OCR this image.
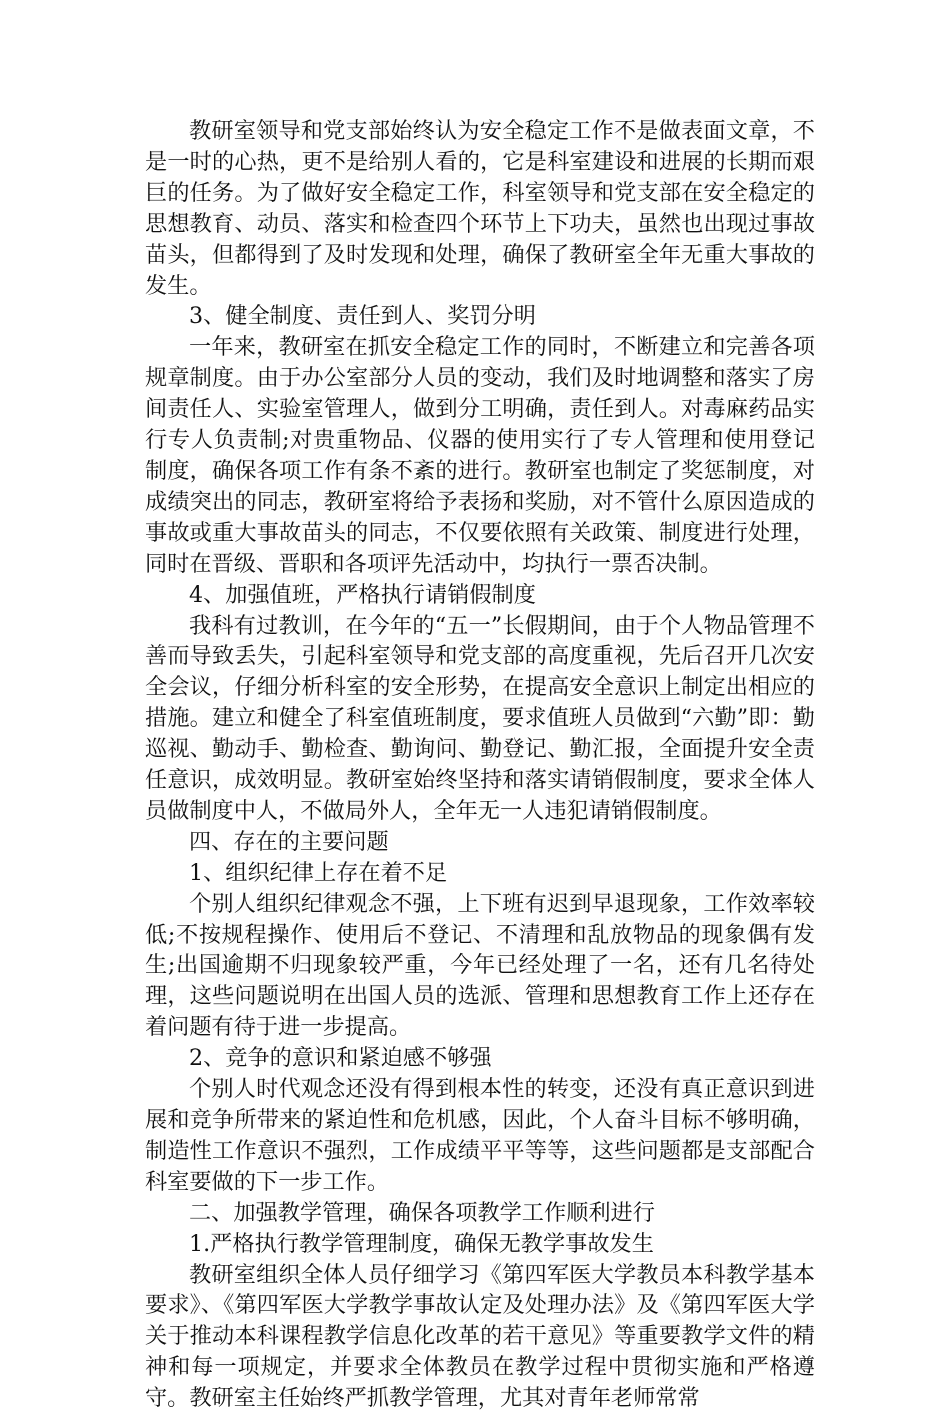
教研室领导和党支部始终认为安全稳定工作不是做表面文章，不是一时的心热，更不是给别人看的，它是科室建设和进展的长期而艰巨的任务。为了做好安全稳定工作，科室领导和党支部在安全稳定的思想教育、动员、落实和检查四个环节上下功夫，虽然也出现过事故苗头，但都得到了及时发现和处理，确保了教研室全年无重大事故的发生。

3、健全制度、责任到人、奖罚分明

一年来，教研室在抓安全稳定工作的同时，不断建立和完善各项规章制度。由于办公室部分人员的变动，我们及时地调整和落实了房间责任人、实验室管理人，做到分工明确，责任到人。对毒麻药品实行专人负责制;对贵重物品、仪器的使用实行了专人管理和使用登记制度，确保各项工作有条不紊的进行。教研室也制定了奖惩制度，对成绩突出的同志，教研室将给予表扬和奖励，对不管什么原因造成的事故或重大事故苗头的同志，不仅要依照有关政策、制度进行处理，同时在晋级、晋职和各项评先活动中，均执行一票否决制。

4、加强值班，严格执行请销假制度

我科有过教训，在今年的“五一”长假期间，由于个人物品管理不善而导致丢失，引起科室领导和党支部的高度重视，先后召开几次安全会议，仔细分析科室的安全形势，在提高安全意识上制定出相应的措施。建立和健全了科室值班制度，要求值班人员做到“六勤”即：勤巡视、勤动手、勤检查、勤询问、勤登记、勤汇报，全面提升安全责任意识，成效明显。教研室始终坚持和落实请销假制度，要求全体人员做制度中人，不做局外人，全年无一人违犯请销假制度。

四、存在的主要问题

1、组织纪律上存在着不足

个别人组织纪律观念不强，上下班有迟到早退现象，工作效率较低;不按规程操作、使用后不登记、不清理和乱放物品的现象偶有发生;出国逾期不归现象较严重，今年已经处理了一名，还有几名待处理，这些问题说明在出国人员的选派、管理和思想教育工作上还存在着问题有待于进一步提高。

2、竞争的意识和紧迫感不够强

个别人时代观念还没有得到根本性的转变，还没有真正意识到进展和竞争所带来的紧迫性和危机感，因此，个人奋斗目标不够明确，制造性工作意识不强烈，工作成绩平平等等，这些问题都是支部配合科室要做的下一步工作。

二、加强教学管理，确保各项教学工作顺利进行

1.严格执行教学管理制度，确保无教学事故发生

教研室组织全体人员仔细学习《第四军医大学教员本科教学基本要求》、《第四军医大学教学事故认定及处理办法》及《第四军医大学关于推动本科课程教学信息化改革的若干意见》等重要教学文件的精神和每一项规定，并要求全体教员在教学过程中贯彻实施和严格遵守。教研室主任始终严抓教学管理，尤其对青年老师常常
